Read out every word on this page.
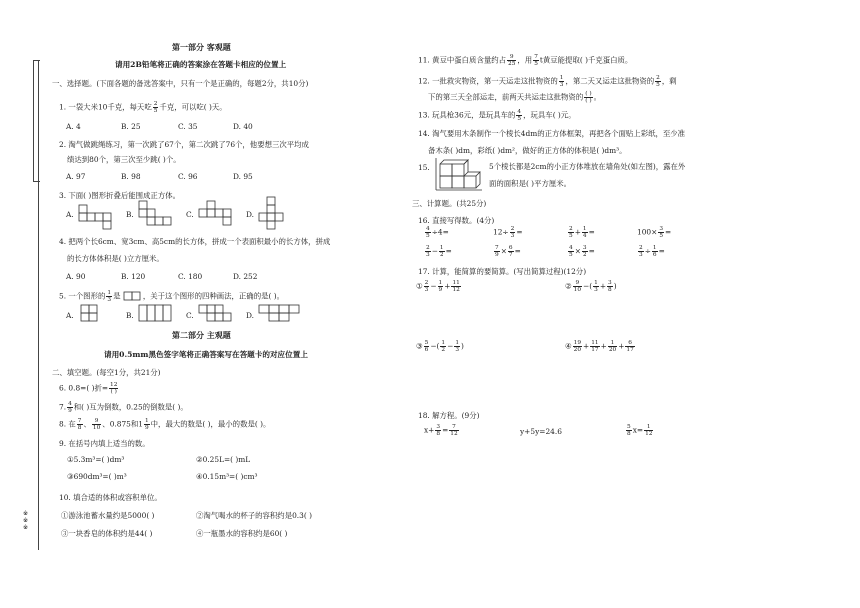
※※※
第一部分 客观题
请用2B铅笔将正确的答案涂在答题卡相应的位置上
一、选择题。(下面各题的备选答案中，只有一个是正确的，每题2分，共10分)
1. 一袋大米10千克，每天吃 $\frac{2}{5}$ 千克，可以吃( )天。
A. 4	B. 25	C. 35	D. 40
2. 淘气做跳绳练习，第一次跳了67个，第二次跳了76个，他要想三次平均成
绩达到80个，第三次至少跳( )个。
A. 97	B. 98	C. 96	D. 95
3. 下面( )图形折叠后能围成正方体。
A.	B.	C.	D.
4. 把两个长6cm、宽3cm、高5cm的长方体，拼成一个表面积最小的长方体，拼成
的长方体体积是( )立方厘米。
A. 90	B. 120	C. 180	D. 252
5. 一个图形的 $\frac{1}{3}$ 是	，关于这个图形的四种画法，正确的是( )。
A.	B.	C.	D.
第二部分 主观题
请用0.5mm黑色签字笔将正确答案写在答题卡的对应位置上
二、填空题。(每空1分，共21分)
6. 0.8=( )折= $\frac{12}{( )}$
7. $\frac{4}{9}$ 和( )互为倒数，0.25的倒数是( )。
8. 在 $\frac{7}{8}$ 、 $\frac{9}{10}$ 、0.875和$1 \frac{1}{9}$ 中，最大的数是( )，最小的数是( )。
9. 在括号内填上适当的数。
①5.3m³=( )dm³	②0.25L=( )mL
③690dm³=( )m³	④0.15m³=( )cm³
10. 填合适的体积或容积单位。
①游泳池蓄水量约是5000( )	②淘气喝水的杯子的容积约是0.3( )
③一块香皂的体积约是44( )	④一瓶墨水的容积约是60( )
11. 黄豆中蛋白质含量约占 $\frac{9}{25}$ ，用 $\frac{7}{5}$ t黄豆能提取( )千克蛋白质。
12. 一批救灾物资，第一天运走这批物资的 $\frac{1}{3}$ ，第二天又运走这批物资的 $\frac{2}{5}$ ，剩
下的第三天全部运走，前两天共运走这批物资的 $\frac{( )}{( )}$ 。
13. 玩具枪36元，是玩具车的 $\frac{4}{5}$ ，玩具车( )元。
14. 淘气要用木条制作一个棱长4dm的正方体框架，再把各个面贴上彩纸，至少准
备木条( )dm，彩纸( )dm²，做好的正方体的体积是( )dm³。
15.	5个棱长都是2cm的小正方体堆放在墙角处(如左图)，露在外
面的面积是( )平方厘米。
三、计算题。(共25分)
16. 直接写得数。(4分)
$\frac{4}{5} \div 4=$	$12\div \frac{2}{3}$ =	$\frac{2}{5} + \frac{1}{4}$ =	$100\times \frac{3}{5}$ =
$\frac{2}{3} - \frac{1}{2}$ =	$\frac{7}{9} \times \frac{6}{7}$ =	$\frac{4}{5} \times \frac{3}{2}$ =	$\frac{2}{3} \div \frac{1}{6}$ =
17. 计算，能简算的要简算。(写出简算过程)(12分)
① $\frac{2}{3} - \frac{1}{9} + \frac{11}{12}$	② $\frac{9}{10}$ −( $\frac{1}{3} + \frac{3}{8}$ )
③ $\frac{5}{6}$ −( $\frac{1}{2} - \frac{1}{3}$ )	④ $\frac{19}{20} + \frac{11}{17} + \frac{1}{20} + \frac{6}{17}$
18. 解方程。(9分)
$x+ \frac{3}{8} = \frac{7}{12}$	y+5y=24.6	$\frac{5}{8} x= \frac{1}{12}$
